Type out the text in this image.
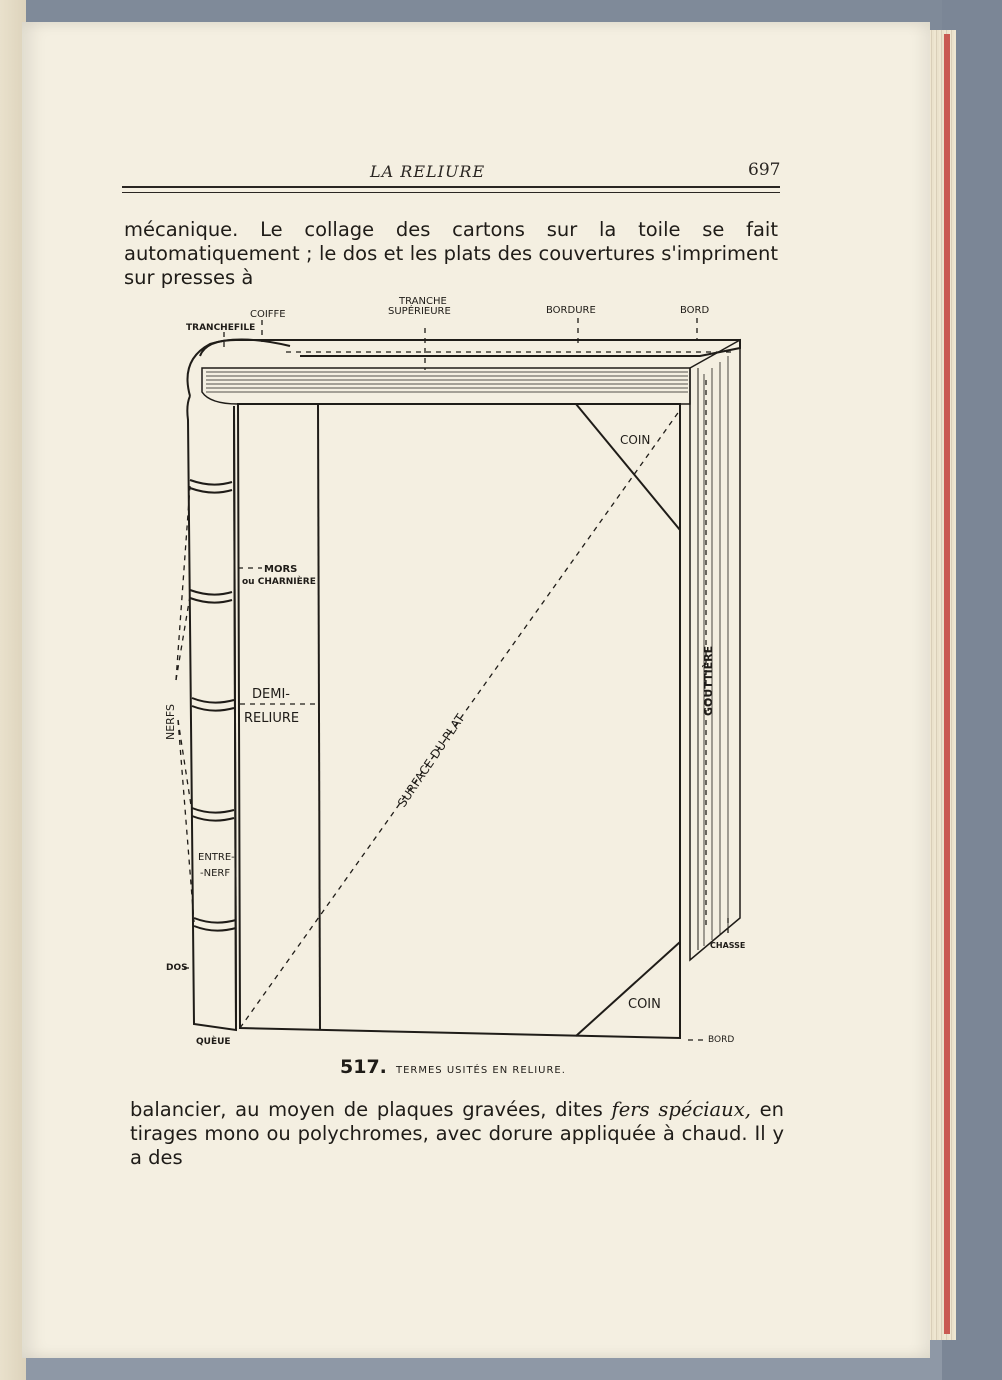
LA RELIURE	697
mécanique. Le collage des cartons sur la toile se fait automatiquement ; le dos et les plats des couvertures s'impriment sur presses à
TRANCHEFILE
COIFFE
TRANCHE
SUPÉRIEURE	BORDURE	BORD
COIN
MORS
ou CHARNIÈRE
NERFS
DEMI-
RELIURE	SURFACE DU PLAT
GOUTTIÈRE
ENTRE-
-NERF
CHASSE
DOS
COIN
QUÈUE	BORD
517. TERMES USITÉS EN RELIURE.
balancier, au moyen de plaques gravées, dites fers spéciaux, en tirages mono ou polychromes, avec dorure appliquée à chaud. Il y a des
